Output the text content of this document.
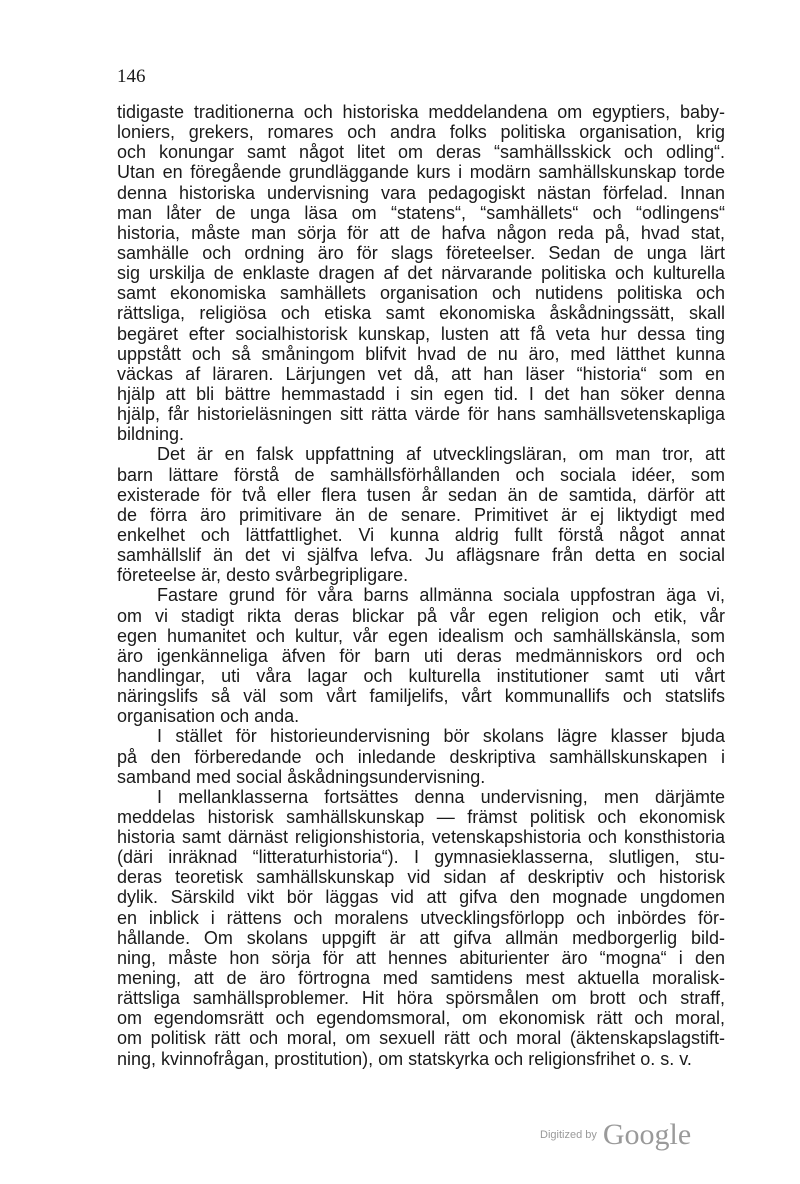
146
tidigaste traditionerna och historiska meddelandena om egyptiers, baby-
loniers, grekers, romares och andra folks politiska organisation, krig
och konungar samt något litet om deras “samhällsskick och odling“.
Utan en föregående grundläggande kurs i modärn samhällskunskap torde
denna historiska undervisning vara pedagogiskt nästan förfelad. Innan
man låter de unga läsa om “statens“, “samhällets“ och “odlingens“
historia, måste man sörja för att de hafva någon reda på, hvad stat,
samhälle och ordning äro för slags företeelser. Sedan de unga lärt
sig urskilja de enklaste dragen af det närvarande politiska och kulturella
samt ekonomiska samhällets organisation och nutidens politiska och
rättsliga, religiösa och etiska samt ekonomiska åskådningssätt, skall
begäret efter socialhistorisk kunskap, lusten att få veta hur dessa ting
uppstått och så småningom blifvit hvad de nu äro, med lätthet kunna
väckas af läraren. Lärjungen vet då, att han läser “historia“ som en
hjälp att bli bättre hemmastadd i sin egen tid. I det han söker denna
hjälp, får historieläsningen sitt rätta värde för hans samhällsvetenskapliga
bildning.
Det är en falsk uppfattning af utvecklingsläran, om man tror, att
barn lättare förstå de samhällsförhållanden och sociala idéer, som
existerade för två eller flera tusen år sedan än de samtida, därför att
de förra äro primitivare än de senare. Primitivet är ej liktydigt med
enkelhet och lättfattlighet. Vi kunna aldrig fullt förstå något annat
samhällslif än det vi själfva lefva. Ju aflägsnare från detta en social
företeelse är, desto svårbegripligare.
Fastare grund för våra barns allmänna sociala uppfostran äga vi,
om vi stadigt rikta deras blickar på vår egen religion och etik, vår
egen humanitet och kultur, vår egen idealism och samhällskänsla, som
äro igenkänneliga äfven för barn uti deras medmänniskors ord och
handlingar, uti våra lagar och kulturella institutioner samt uti vårt
näringslifs så väl som vårt familjelifs, vårt kommunallifs och statslifs
organisation och anda.
I stället för historieundervisning bör skolans lägre klasser bjuda
på den förberedande och inledande deskriptiva samhällskunskapen i
samband med social åskådningsundervisning.
I mellanklasserna fortsättes denna undervisning, men därjämte
meddelas historisk samhällskunskap — främst politisk och ekonomisk
historia samt därnäst religionshistoria, vetenskapshistoria och konsthistoria
(däri inräknad “litteraturhistoria“). I gymnasieklasserna, slutligen, stu-
deras teoretisk samhällskunskap vid sidan af deskriptiv och historisk
dylik. Särskild vikt bör läggas vid att gifva den mognade ungdomen
en inblick i rättens och moralens utvecklingsförlopp och inbördes för-
hållande. Om skolans uppgift är att gifva allmän medborgerlig bild-
ning, måste hon sörja för att hennes abiturienter äro “mogna“ i den
mening, att de äro förtrogna med samtidens mest aktuella moralisk-
rättsliga samhällsproblemer. Hit höra spörsmålen om brott och straff,
om egendomsrätt och egendomsmoral, om ekonomisk rätt och moral,
om politisk rätt och moral, om sexuell rätt och moral (äktenskapslagstift-
ning, kvinnofrågan, prostitution), om statskyrka och religionsfrihet o. s. v.
Digitized by Google
